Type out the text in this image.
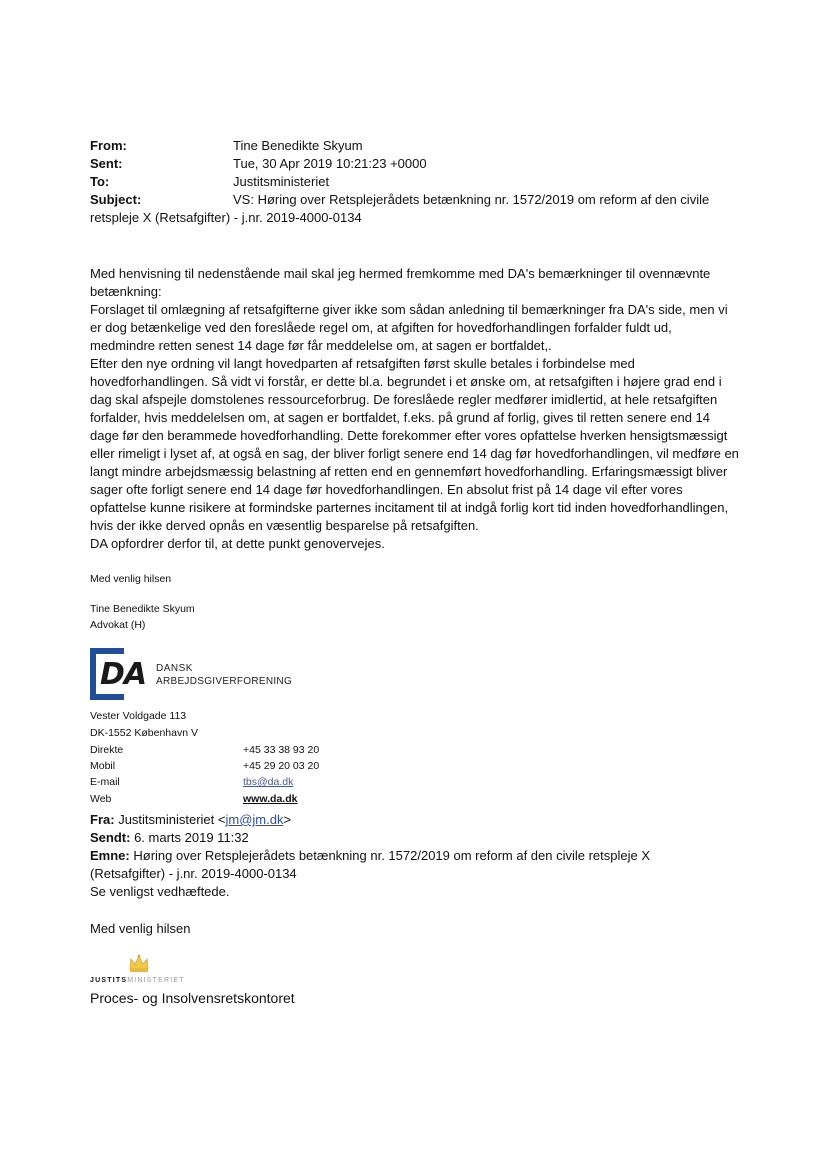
From:	Tine Benedikte Skyum
Sent:	Tue, 30 Apr 2019 10:21:23 +0000
To:	Justitsministeriet
Subject:	VS: Høring over Retsplejerådets betænkning nr. 1572/2019 om reform af den civile
retspleje X (Retsafgifter) - j.nr. 2019-4000-0134

Med henvisning til nedenstående mail skal jeg hermed fremkomme med DA's bemærkninger til ovennævnte betænkning:

Forslaget til omlægning af retsafgifterne giver ikke som sådan anledning til bemærkninger fra DA's side, men vi er dog betænkelige ved den foreslåede regel om, at afgiften for hovedforhandlingen forfalder fuldt ud, medmindre retten senest 14 dage før får meddelelse om, at sagen er bortfaldet,.

Efter den nye ordning vil langt hovedparten af retsafgiften først skulle betales i forbindelse med hovedforhandlingen. Så vidt vi forstår, er dette bl.a. begrundet i et ønske om, at retsafgiften i højere grad end i dag skal afspejle domstolenes ressourceforbrug. De foreslåede regler medfører imidlertid, at hele retsafgiften forfalder, hvis meddelelsen om, at sagen er bortfaldet, f.eks. på grund af forlig, gives til retten senere end 14 dage før den berammede hovedforhandling. Dette forekommer efter vores opfattelse hverken hensigtsmæssigt eller rimeligt i lyset af, at også en sag, der bliver forligt senere end 14 dag før hovedforhandlingen, vil medføre en langt mindre arbejdsmæssig belastning af retten end en gennemført hovedforhandling. Erfaringsmæssigt bliver sager ofte forligt senere end 14 dage før hovedforhandlingen. En absolut frist på 14 dage vil efter vores opfattelse kunne risikere at formindske parternes incitament til at indgå forlig kort tid inden hovedforhandlingen, hvis der ikke derved opnås en væsentlig besparelse på retsafgiften.

DA opfordrer derfor til, at dette punkt genovervejes.

Med venlig hilsen
Tine Benedikte Skyum
Advokat (H)
DA DANSK
ARBEJDSGIVERFORENING
Vester Voldgade 113
DK-1552 København V
Direkte	+45 33 38 93 20
Mobil	+45 29 20 03 20
E-mail	tbs@da.dk
Web	www.da.dk

Fra: Justitsministeriet <jm@jm.dk>

Sendt: 6. marts 2019 11:32

Emne: Høring over Retsplejerådets betænkning nr. 1572/2019 om reform af den civile retspleje X

(Retsafgifter) - j.nr. 2019-4000-0134

Se venligst vedhæftede.

Med venlig hilsen
JUSTITSMINISTERIET
Proces- og Insolvensretskontoret
